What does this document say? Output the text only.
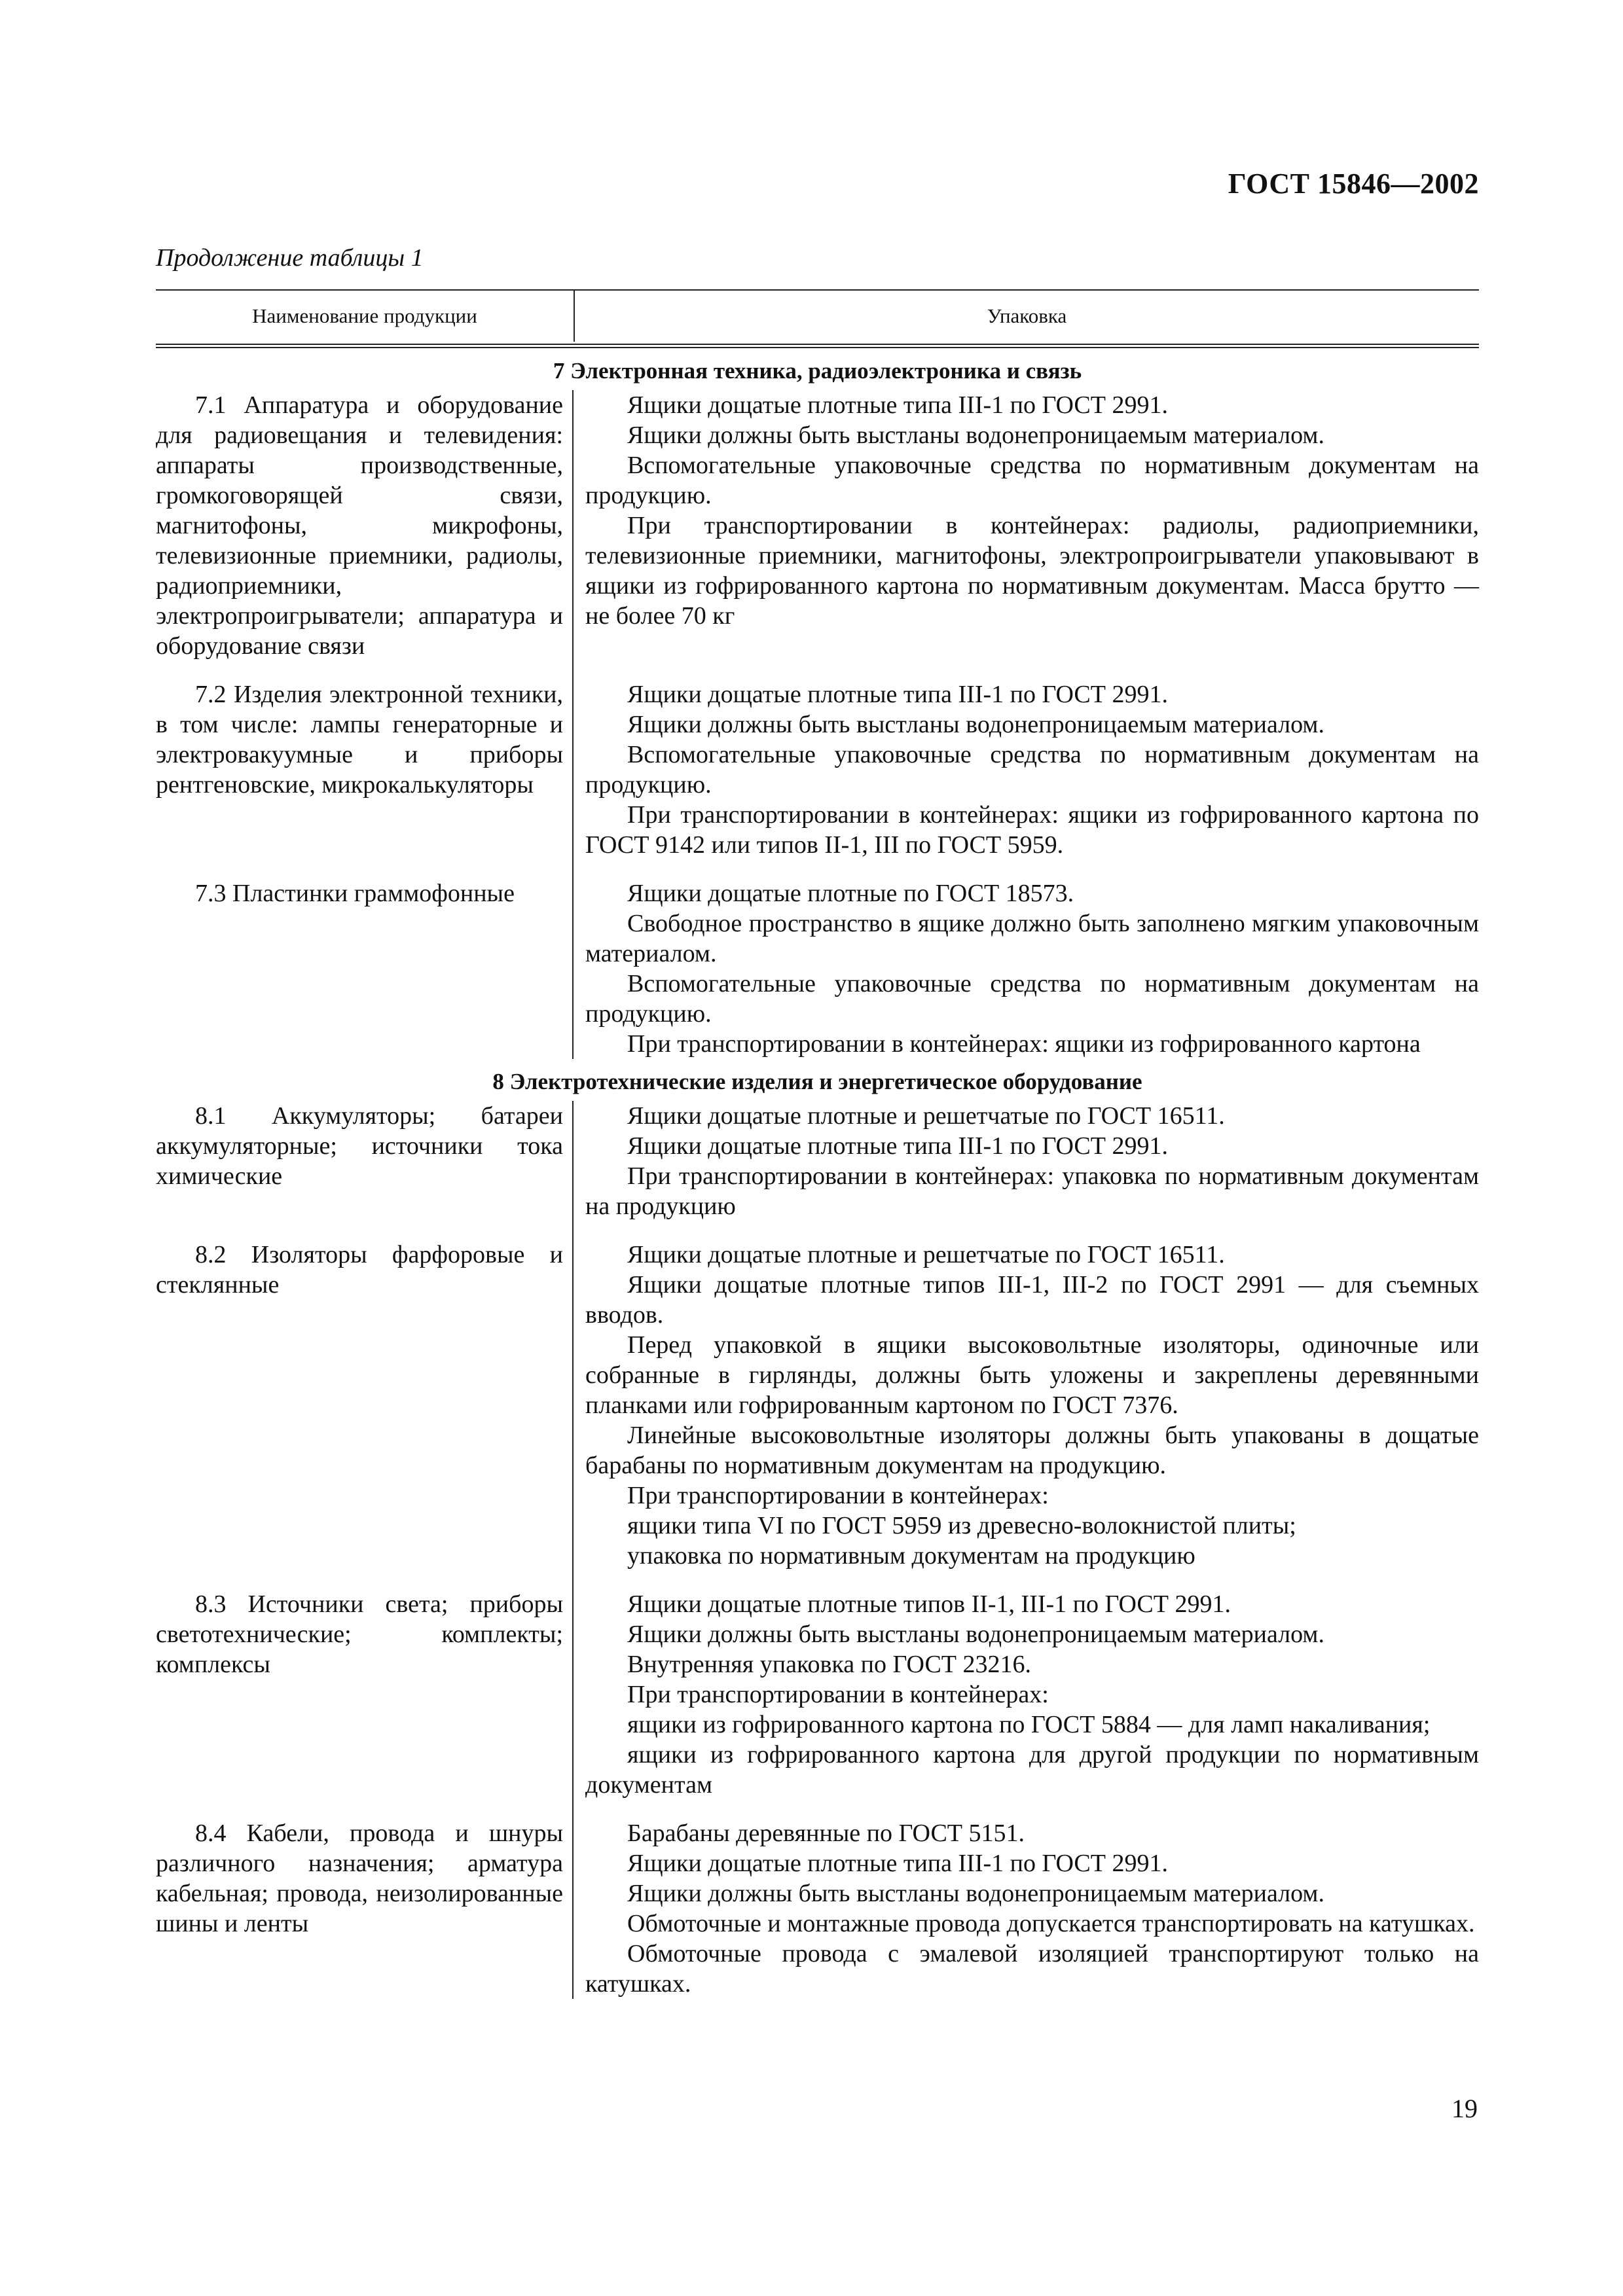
ГОСТ 15846—2002
Продолжение таблицы 1
Наименование продукции	Упаковка
7 Электронная техника, радиоэлектроника и связь
7.1 Аппаратура и оборудование для радиовещания и телевидения: аппараты производственные, громкоговорящей связи, магнитофоны, микрофоны, телевизионные приемники, радиолы, радиоприемники, электропроигрыватели; аппаратура и оборудование связи

Ящики дощатые плотные типа III-1 по ГОСТ 2991.

Ящики должны быть выстланы водонепроницаемым материалом.

Вспомогательные упаковочные средства по нормативным документам на продукцию.

При транспортировании в контейнерах: радиолы, радиоприемники, телевизионные приемники, магнитофоны, электропроигрыватели упаковывают в ящики из гофрированного картона по нормативным документам. Масса брутто — не более 70 кг

7.2 Изделия электронной техники, в том числе: лампы генераторные и электровакуумные и приборы рентгеновские, микрокалькуляторы

Ящики дощатые плотные типа III-1 по ГОСТ 2991.

Ящики должны быть выстланы водонепроницаемым материалом.

Вспомогательные упаковочные средства по нормативным документам на продукцию.

При транспортировании в контейнерах: ящики из гофрированного картона по ГОСТ 9142 или типов II-1, III по ГОСТ 5959.

7.3 Пластинки граммофонные	Ящики дощатые плотные по ГОСТ 18573.

Свободное пространство в ящике должно быть заполнено мягким упаковочным материалом.

Вспомогательные упаковочные средства по нормативным документам на продукцию.

При транспортировании в контейнерах: ящики из гофрированного картона

8 Электротехнические изделия и энергетическое оборудование
8.1 Аккумуляторы; батареи аккумуляторные; источники тока химические

Ящики дощатые плотные и решетчатые по ГОСТ 16511.

Ящики дощатые плотные типа III-1 по ГОСТ 2991.

При транспортировании в контейнерах: упаковка по нормативным документам на продукцию

8.2 Изоляторы фарфоровые и стеклянные

Ящики дощатые плотные и решетчатые по ГОСТ 16511.

Ящики дощатые плотные типов III-1, III-2 по ГОСТ 2991 — для съемных вводов.

Перед упаковкой в ящики высоковольтные изоляторы, одиночные или собранные в гирлянды, должны быть уложены и закреплены деревянными планками или гофрированным картоном по ГОСТ 7376.

Линейные высоковольтные изоляторы должны быть упакованы в дощатые барабаны по нормативным документам на продукцию.

При транспортировании в контейнерах:

ящики типа VI по ГОСТ 5959 из древесно-волокнистой плиты;

упаковка по нормативным документам на продукцию

8.3 Источники света; приборы светотехнические; комплекты; комплексы

Ящики дощатые плотные типов II-1, III-1 по ГОСТ 2991.

Ящики должны быть выстланы водонепроницаемым материалом.

Внутренняя упаковка по ГОСТ 23216.

При транспортировании в контейнерах:

ящики из гофрированного картона по ГОСТ 5884 — для ламп накаливания;

ящики из гофрированного картона для другой продукции по нормативным документам

8.4 Кабели, провода и шнуры различного назначения; арматура кабельная; провода, неизолированные шины и ленты

Барабаны деревянные по ГОСТ 5151.

Ящики дощатые плотные типа III-1 по ГОСТ 2991.

Ящики должны быть выстланы водонепроницаемым материалом.

Обмоточные и монтажные провода допускается транспортировать на катушках.

Обмоточные провода с эмалевой изоляцией транспортируют только на катушках.

19
